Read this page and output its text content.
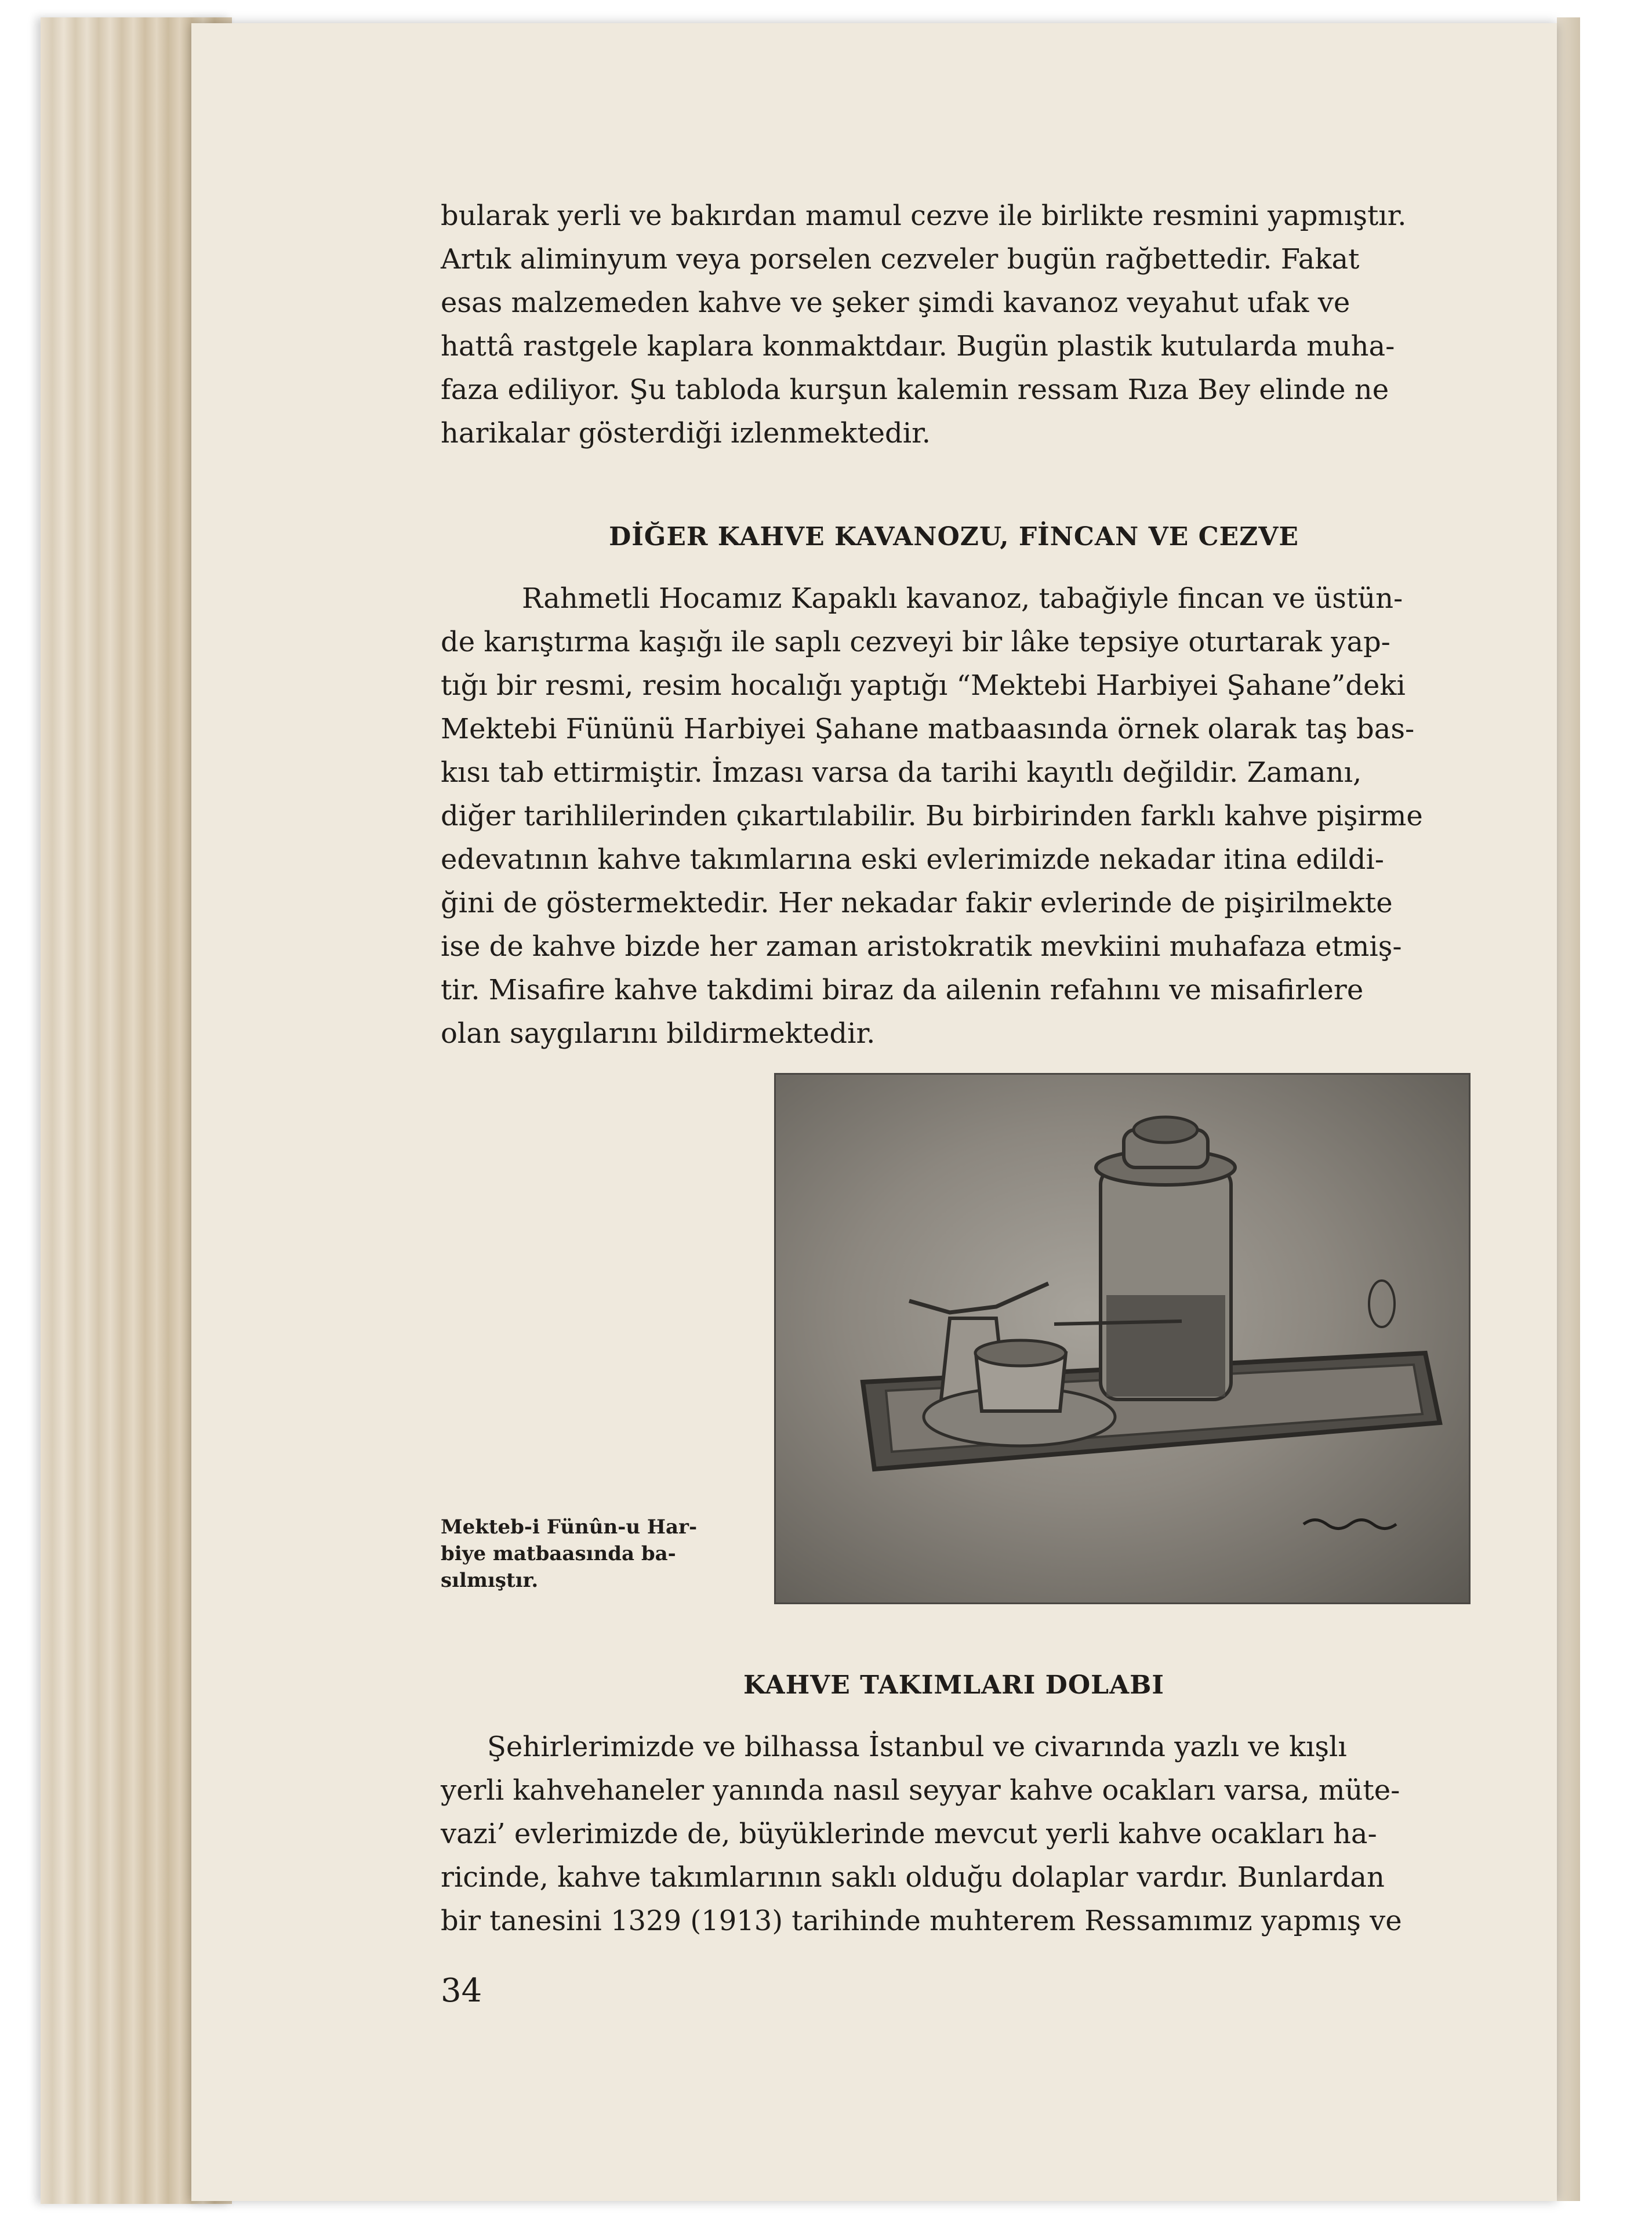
bularak yerli ve bakırdan mamul cezve ile birlikte resmini yapmıştır.
Artık aliminyum veya porselen cezveler bugün rağbettedir. Fakat
esas malzemeden kahve ve şeker şimdi kavanoz veyahut ufak ve
hattâ rastgele kaplara konmaktdaır. Bugün plastik kutularda muha-
faza ediliyor. Şu tabloda kurşun kalemin ressam Rıza Bey elinde ne
harikalar gösterdiği izlenmektedir.
DİĞER KAHVE KAVANOZU, FİNCAN VE CEZVE
Rahmetli Hocamız Kapaklı kavanoz, tabağiyle fincan ve üstün-
de karıştırma kaşığı ile saplı cezveyi bir lâke tepsiye oturtarak yap-
tığı bir resmi, resim hocalığı yaptığı “Mektebi Harbiyei Şahane”deki
Mektebi Fününü Harbiyei Şahane matbaasında örnek olarak taş bas-
kısı tab ettirmiştir. İmzası varsa da tarihi kayıtlı değildir. Zamanı,
diğer tarihlilerinden çıkartılabilir. Bu birbirinden farklı kahve pişirme
edevatının kahve takımlarına eski evlerimizde nekadar itina edildi-
ğini de göstermektedir. Her nekadar fakir evlerinde de pişirilmekte
ise de kahve bizde her zaman aristokratik mevkiini muhafaza etmiş-
tir. Misafire kahve takdimi biraz da ailenin refahını ve misafirlere
olan saygılarını bildirmektedir.
Mekteb-i Fünûn-u Har-
biye matbaasında ba-
sılmıştır.
KAHVE TAKIMLARI DOLABI
Şehirlerimizde ve bilhassa İstanbul ve civarında yazlı ve kışlı
yerli kahvehaneler yanında nasıl seyyar kahve ocakları varsa, müte-
vazi’ evlerimizde de, büyüklerinde mevcut yerli kahve ocakları ha-
ricinde, kahve takımlarının saklı olduğu dolaplar vardır. Bunlardan
bir tanesini 1329 (1913) tarihinde muhterem Ressamımız yapmış ve
34
